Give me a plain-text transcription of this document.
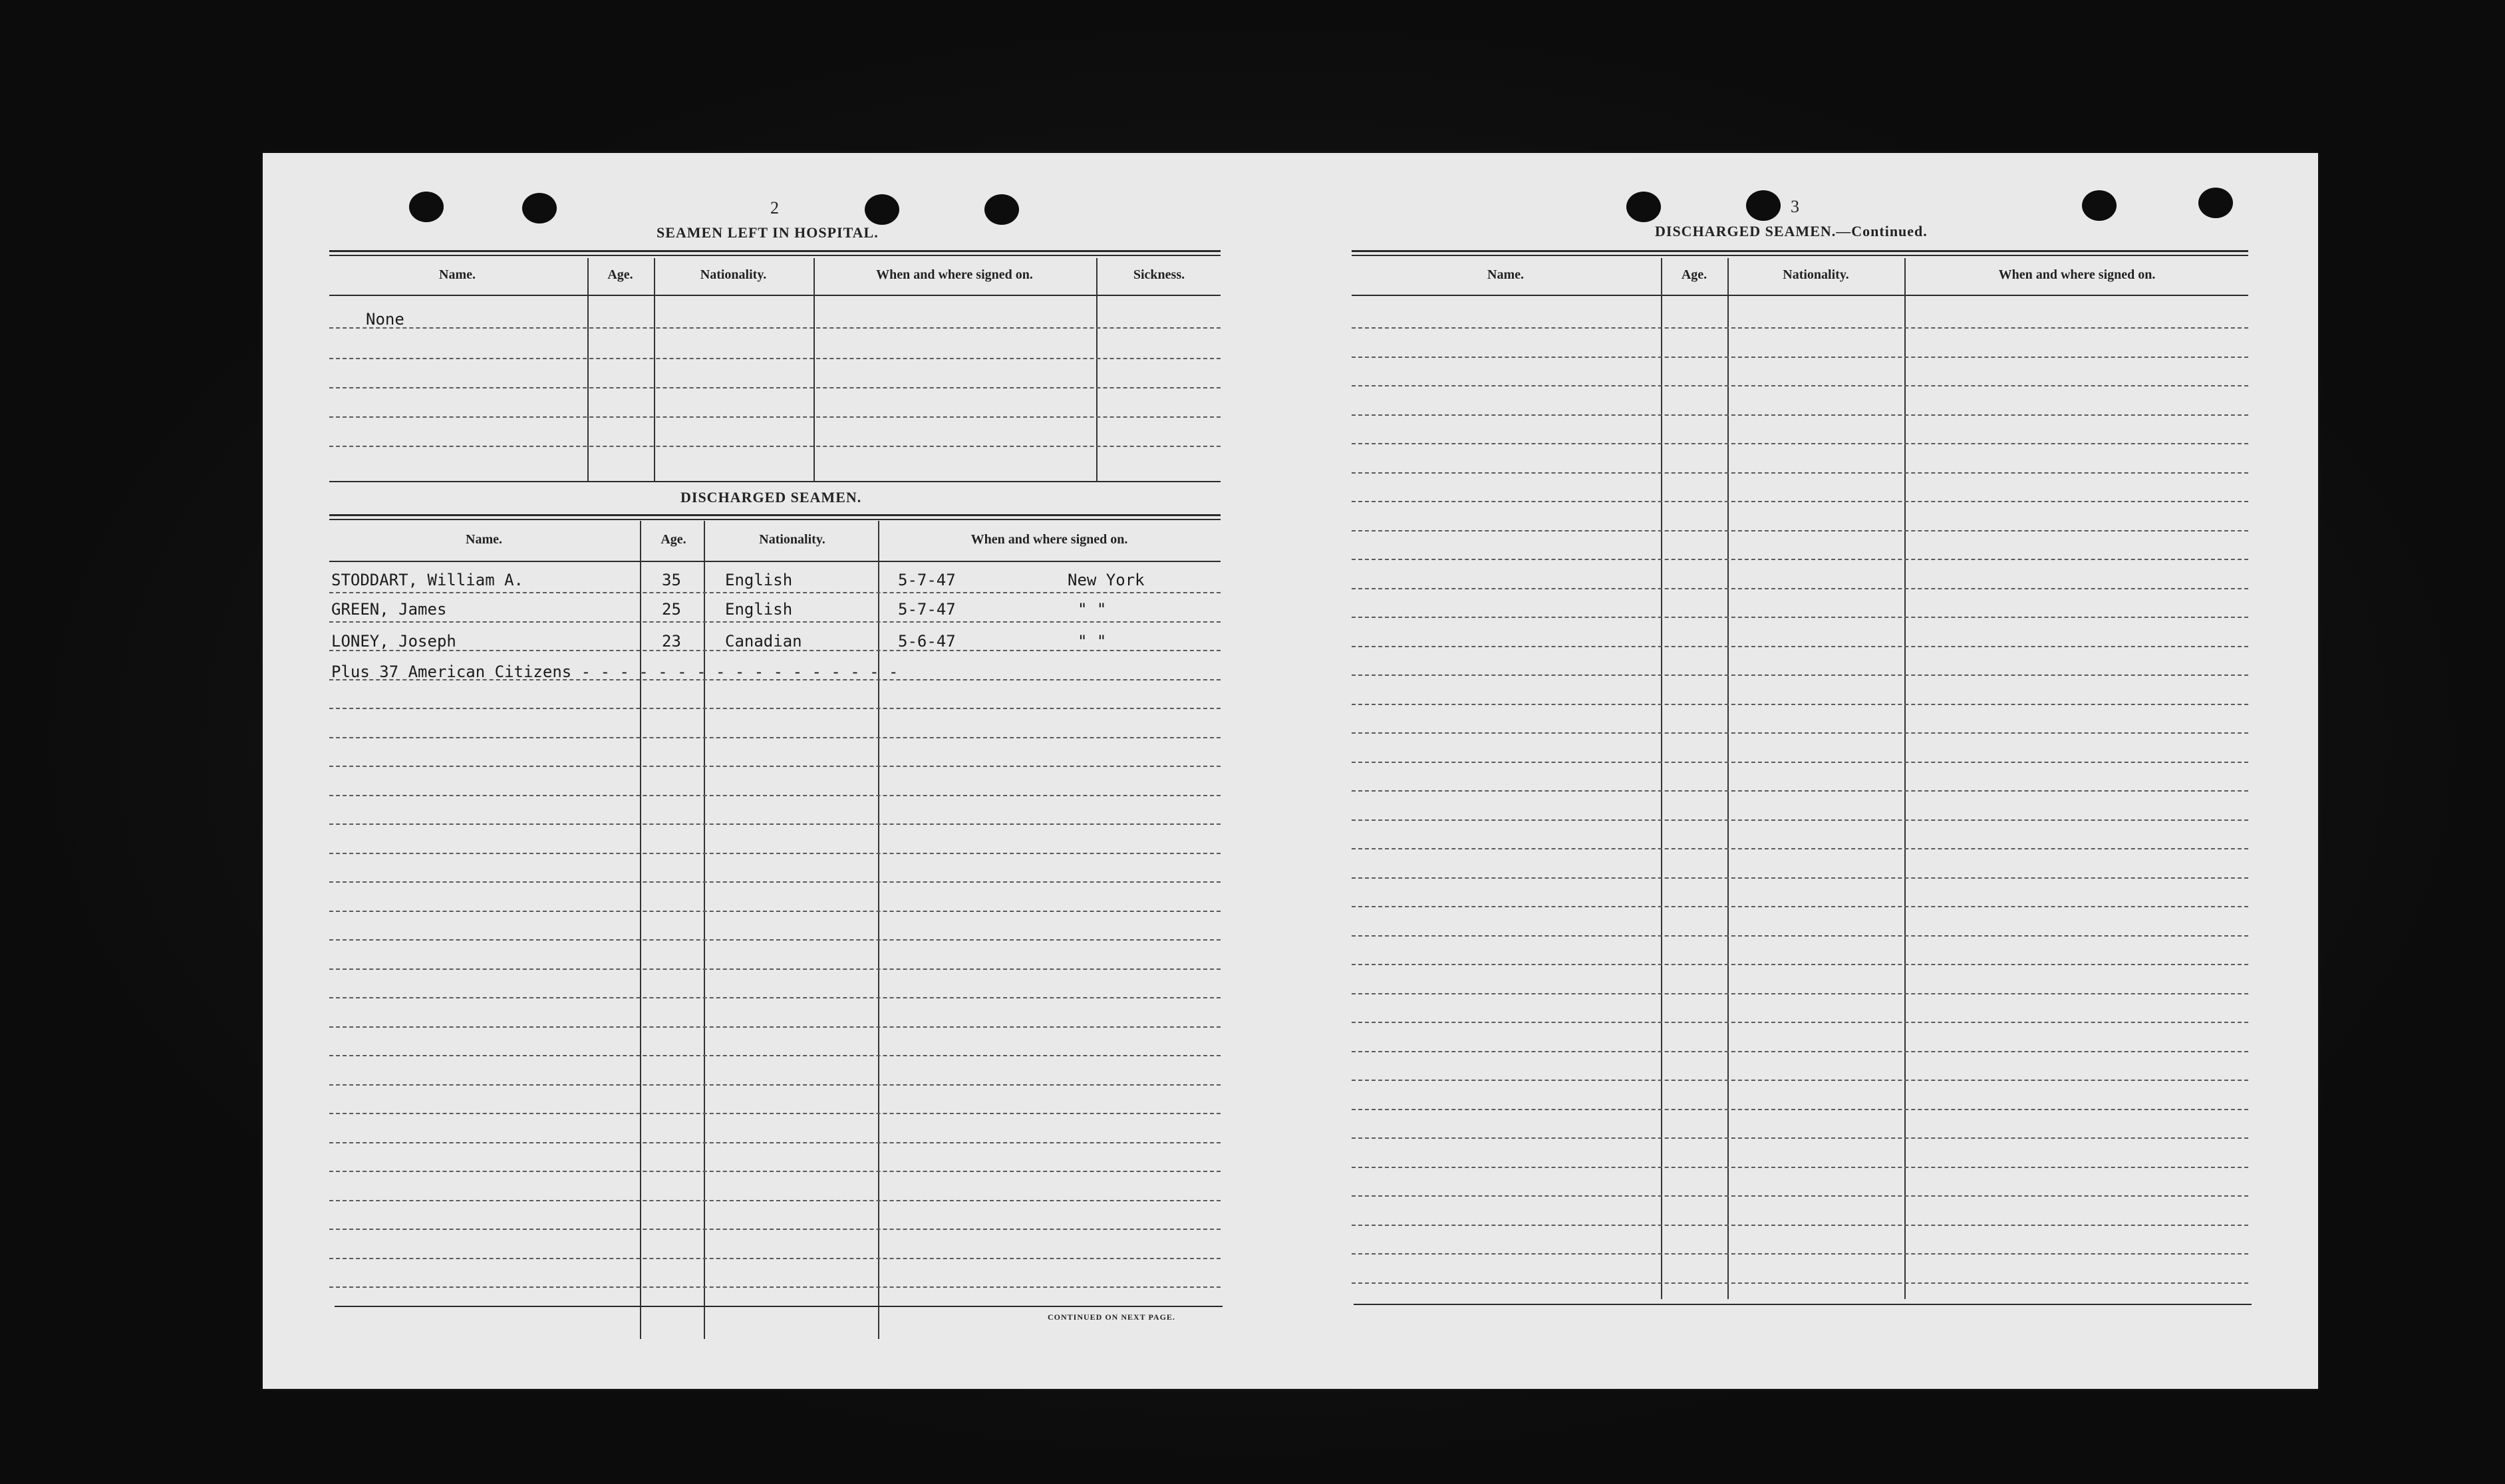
2
SEAMEN LEFT IN HOSPITAL.
Name.	Age.	Nationality.	When and where signed on.	Sickness.
None
DISCHARGED SEAMEN.
Name.	Age.	Nationality.	When and where signed on.
STODDART, William A.	35	English	5-7-47	New York
GREEN, James	25	English	5-7-47	" "
LONEY, Joseph	23	Canadian	5-6-47	" "
Plus 37 American Citizens - - - - - - - - - - - - - - - - -
CONTINUED ON NEXT PAGE.
3
DISCHARGED SEAMEN.—Continued.
Name.	Age.	Nationality.	When and where signed on.
